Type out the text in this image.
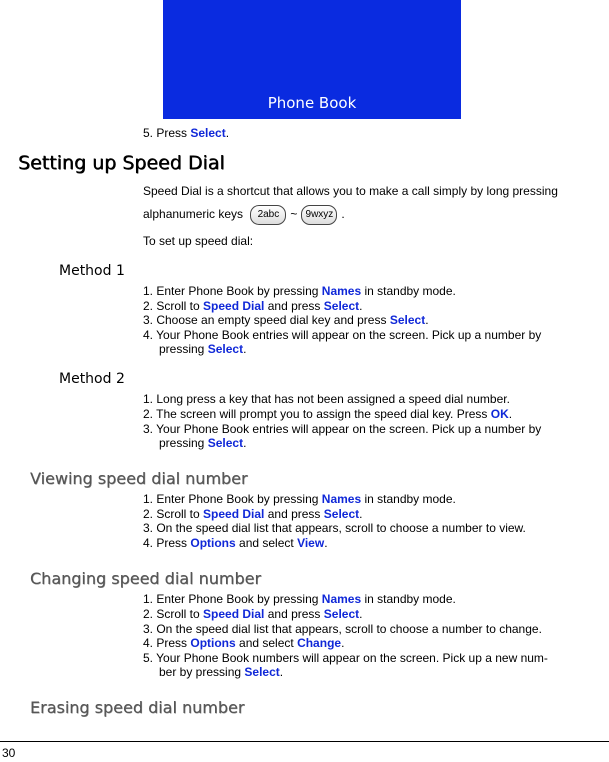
Phone Book
5. Press Select.
Setting up Speed Dial
Speed Dial is a shortcut that allows you to make a call simply by long pressing
alphanumeric keys 2abc ~ 9wxyz .
To set up speed dial:
Method 1
1. Enter Phone Book by pressing Names in standby mode.
2. Scroll to Speed Dial and press Select.
3. Choose an empty speed dial key and press Select.
4. Your Phone Book entries will appear on the screen. Pick up a number by
pressing Select.
Method 2
1. Long press a key that has not been assigned a speed dial number.
2. The screen will prompt you to assign the speed dial key. Press OK.
3. Your Phone Book entries will appear on the screen. Pick up a number by
pressing Select.
Viewing speed dial number
1. Enter Phone Book by pressing Names in standby mode.
2. Scroll to Speed Dial and press Select.
3. On the speed dial list that appears, scroll to choose a number to view.
4. Press Options and select View.
Changing speed dial number
1. Enter Phone Book by pressing Names in standby mode.
2. Scroll to Speed Dial and press Select.
3. On the speed dial list that appears, scroll to choose a number to change.
4. Press Options and select Change.
5. Your Phone Book numbers will appear on the screen. Pick up a new num-
ber by pressing Select.
Erasing speed dial number
30
